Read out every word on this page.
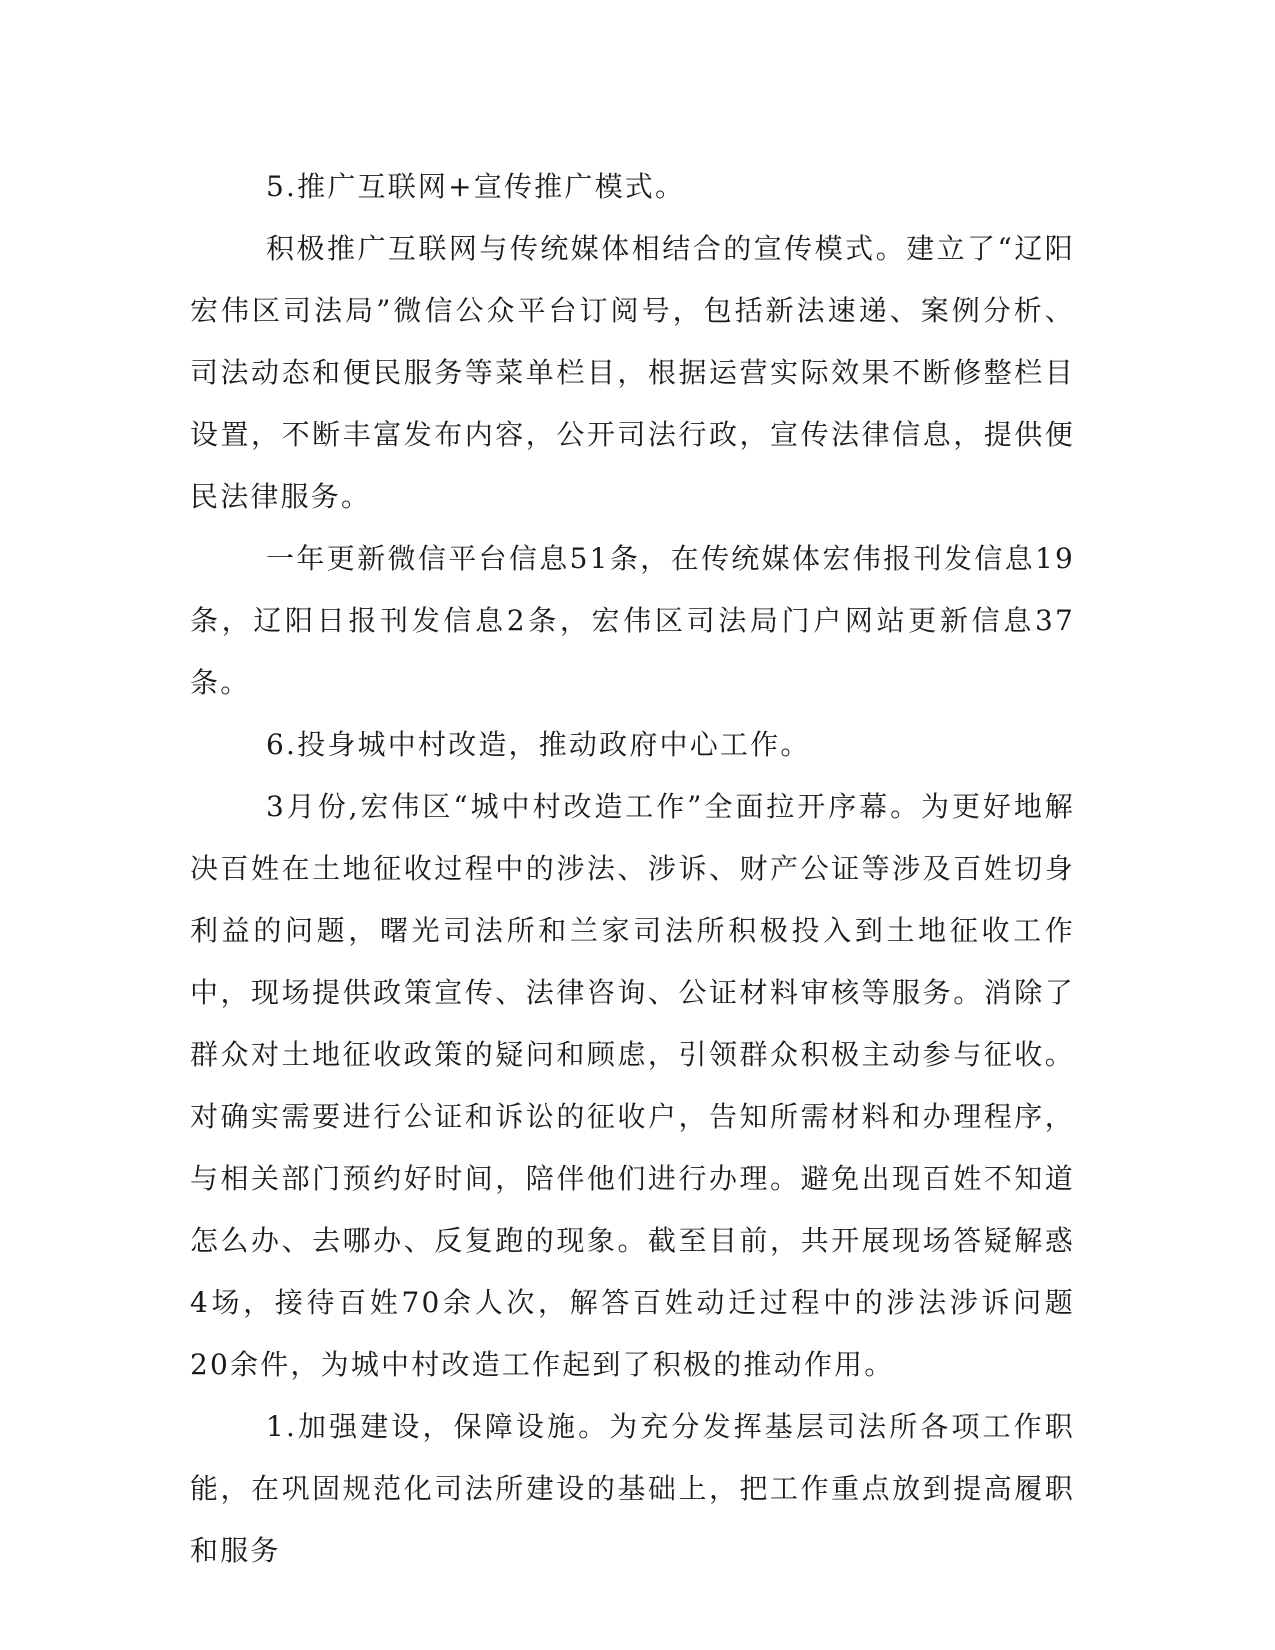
5.推广互联网+宣传推广模式。

积极推广互联网与传统媒体相结合的宣传模式。建立了“辽阳宏伟区司法局”微信公众平台订阅号，包括新法速递、案例分析、司法动态和便民服务等菜单栏目，根据运营实际效果不断修整栏目设置，不断丰富发布内容，公开司法行政，宣传法律信息，提供便民法律服务。

一年更新微信平台信息51条，在传统媒体宏伟报刊发信息19条，辽阳日报刊发信息2条，宏伟区司法局门户网站更新信息37条。

6.投身城中村改造，推动政府中心工作。

3月份,宏伟区“城中村改造工作”全面拉开序幕。为更好地解决百姓在土地征收过程中的涉法、涉诉、财产公证等涉及百姓切身利益的问题，曙光司法所和兰家司法所积极投入到土地征收工作中，现场提供政策宣传、法律咨询、公证材料审核等服务。消除了群众对土地征收政策的疑问和顾虑，引领群众积极主动参与征收。对确实需要进行公证和诉讼的征收户，告知所需材料和办理程序，与相关部门预约好时间，陪伴他们进行办理。避免出现百姓不知道怎么办、去哪办、反复跑的现象。截至目前，共开展现场答疑解惑4场，接待百姓70余人次，解答百姓动迁过程中的涉法涉诉问题20余件，为城中村改造工作起到了积极的推动作用。

1.加强建设，保障设施。为充分发挥基层司法所各项工作职能，在巩固规范化司法所建设的基础上，把工作重点放到提高履职和服务
